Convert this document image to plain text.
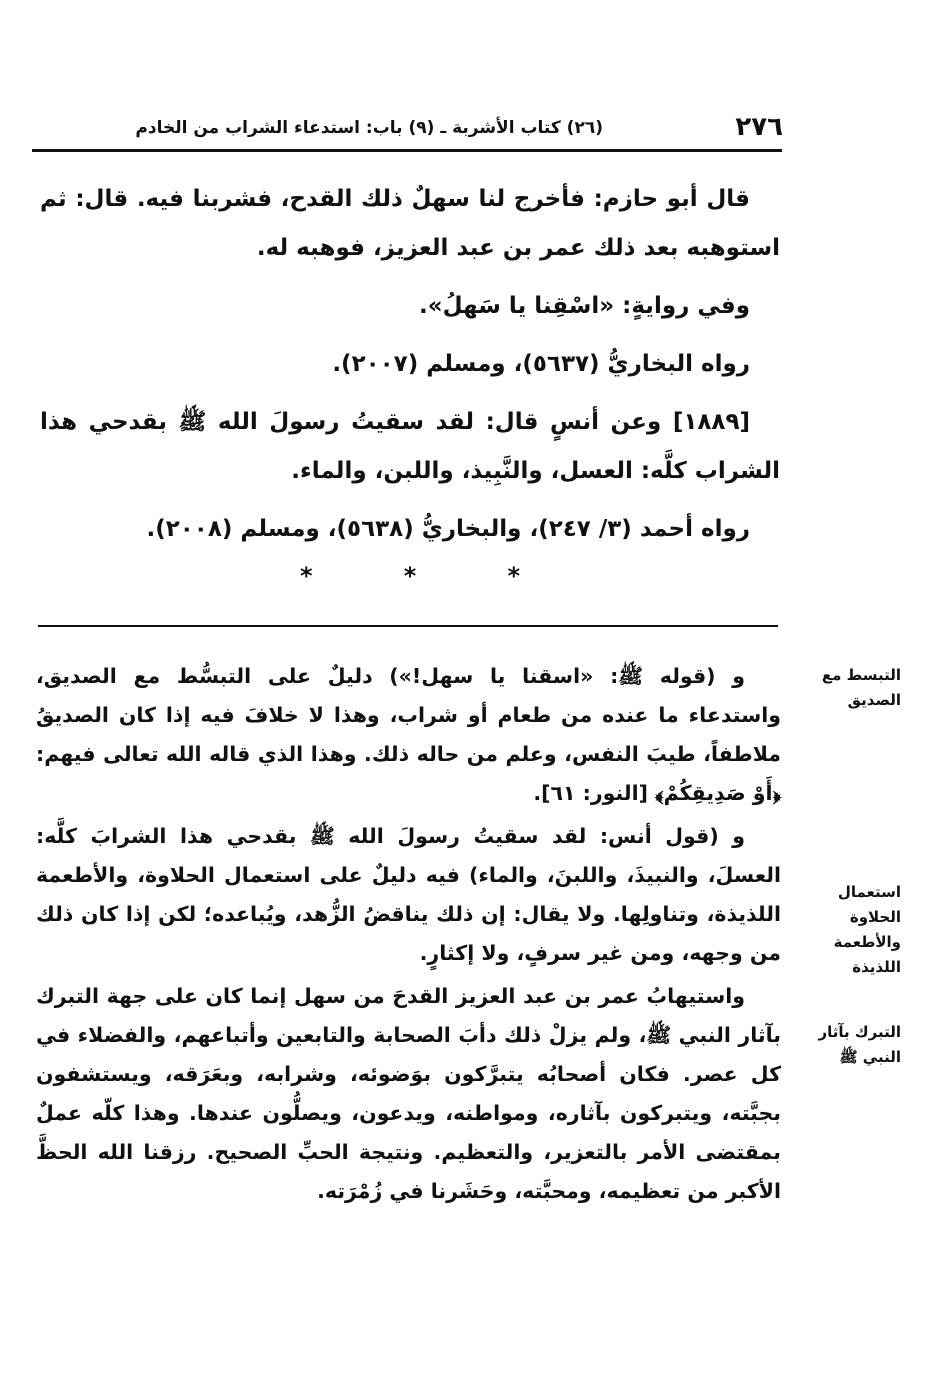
٢٧٦
(٢٦) كتاب الأشربة ـ (٩) باب: استدعاء الشراب من الخادم

قال أبو حازم: فأخرج لنا سهلٌ ذلك القدح، فشربنا فيه. قال: ثم استوهبه بعد ذلك عمر بن عبد العزيز، فوهبه له.

وفي روايةٍ: «اسْقِنا يا سَهلُ».

رواه البخاريُّ (٥٦٣٧)، ومسلم (٢٠٠٧).

[١٨٨٩] وعن أنسٍ قال: لقد سقيتُ رسولَ الله ﷺ بقدحي هذا الشراب كلَّه: العسل، والنَّبِيذ، واللبن، والماء.

رواه أحمد (٣/ ٢٤٧)، والبخاريُّ (٥٦٣٨)، ومسلم (٢٠٠٨).

*	*	*

و (قوله ﷺ: «اسقنا يا سهل!») دليلٌ على التبسُّط مع الصديق، واستدعاء ما عنده من طعام أو شراب، وهذا لا خلافَ فيه إذا كان الصديقُ ملاطفاً، طيبَ النفس، وعلم من حاله ذلك. وهذا الذي قاله الله تعالى فيهم: ﴿أَوْ صَدِيقِكُمْ﴾ [النور: ٦١].

و (قول أنس: لقد سقيتُ رسولَ الله ﷺ بقدحي هذا الشرابَ كلَّه: العسلَ، والنبيذَ، واللبنَ، والماء) فيه دليلٌ على استعمال الحلاوة، والأطعمة اللذيذة، وتناولِها. ولا يقال: إن ذلك يناقضُ الزُّهد، ويُباعده؛ لكن إذا كان ذلك من وجهه، ومن غير سرفٍ، ولا إكثارٍ.

واستيهابُ عمر بن عبد العزيز القدحَ من سهل إنما كان على جهة التبرك بآثار النبي ﷺ، ولم يزلْ ذلك دأبَ الصحابة والتابعين وأتباعهم، والفضلاء في كل عصر. فكان أصحابُه يتبرَّكون بوَضوئه، وشرابه، وبعَرَقه، ويستشفون بجبَّته، ويتبركون بآثاره، ومواطنه، ويدعون، ويصلُّون عندها. وهذا كلّه عملٌ بمقتضى الأمر بالتعزير، والتعظيم. ونتيجة الحبِّ الصحيح. رزقنا الله الحظَّ الأكبر من تعظيمه، ومحبَّته، وحَشَرنا في زُمْرَته.

التبسط مع الصديق
استعمال الحلاوة والأطعمة اللذيذة
التبرك بآثار النبي ﷺ
